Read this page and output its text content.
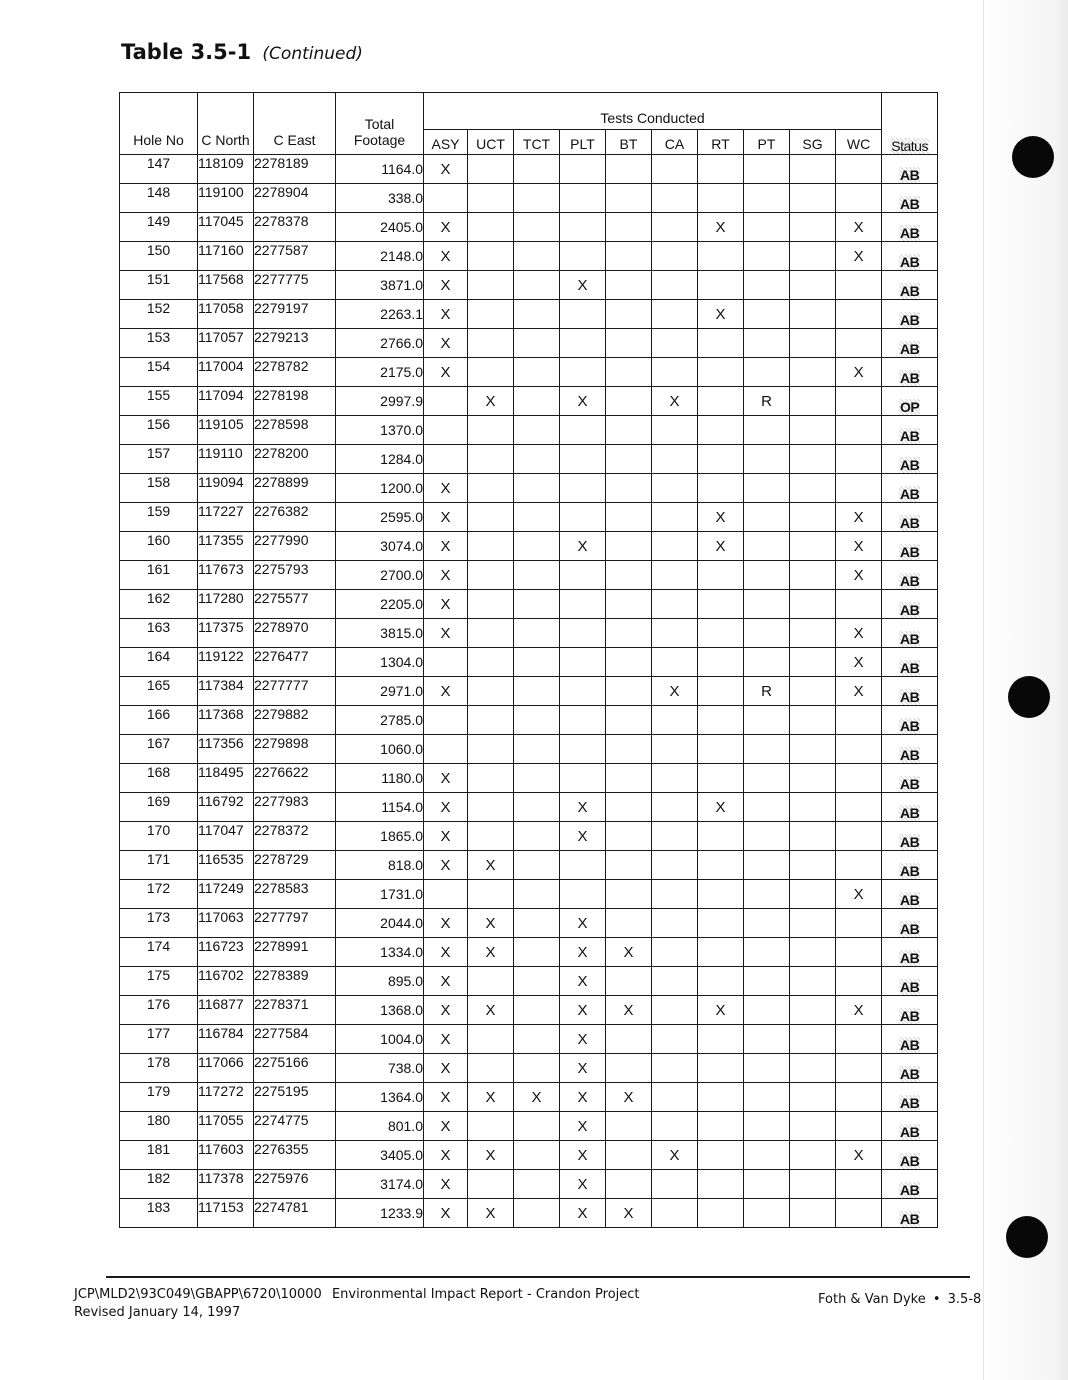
Table 3.5-1 (Continued)
Hole No	C North	C East	Total
Footage	Tests Conducted										Status
				ASY	UCT	TCT	PLT	BT	CA	RT	PT	SG	WC	
147	118109	2278189	1164.0	X										AB
148	119100	2278904	338.0											AB
149	117045	2278378	2405.0	X						X			X	AB
150	117160	2277587	2148.0	X									X	AB
151	117568	2277775	3871.0	X			X							AB
152	117058	2279197	2263.1	X						X				AB
153	117057	2279213	2766.0	X										AB
154	117004	2278782	2175.0	X									X	AB
155	117094	2278198	2997.9		X		X		X		R			OP
156	119105	2278598	1370.0											AB
157	119110	2278200	1284.0											AB
158	119094	2278899	1200.0	X										AB
159	117227	2276382	2595.0	X						X			X	AB
160	117355	2277990	3074.0	X			X			X			X	AB
161	117673	2275793	2700.0	X									X	AB
162	117280	2275577	2205.0	X										AB
163	117375	2278970	3815.0	X									X	AB
164	119122	2276477	1304.0										X	AB
165	117384	2277777	2971.0	X					X		R		X	AB
166	117368	2279882	2785.0											AB
167	117356	2279898	1060.0											AB
168	118495	2276622	1180.0	X										AB
169	116792	2277983	1154.0	X			X			X				AB
170	117047	2278372	1865.0	X			X							AB
171	116535	2278729	818.0	X	X									AB
172	117249	2278583	1731.0										X	AB
173	117063	2277797	2044.0	X	X		X							AB
174	116723	2278991	1334.0	X	X		X	X						AB
175	116702	2278389	895.0	X			X							AB
176	116877	2278371	1368.0	X	X		X	X		X			X	AB
177	116784	2277584	1004.0	X			X							AB
178	117066	2275166	738.0	X			X							AB
179	117272	2275195	1364.0	X	X	X	X	X						AB
180	117055	2274775	801.0	X			X							AB
181	117603	2276355	3405.0	X	X		X		X				X	AB
182	117378	2275976	3174.0	X			X							AB
183	117153	2274781	1233.9	X	X		X	X						AB
JCP\MLD2\93C049\GBAPP\6720\10000 Environmental Impact Report - Crandon Project
Revised January 14, 1997
Foth & Van Dyke • 3.5-8
